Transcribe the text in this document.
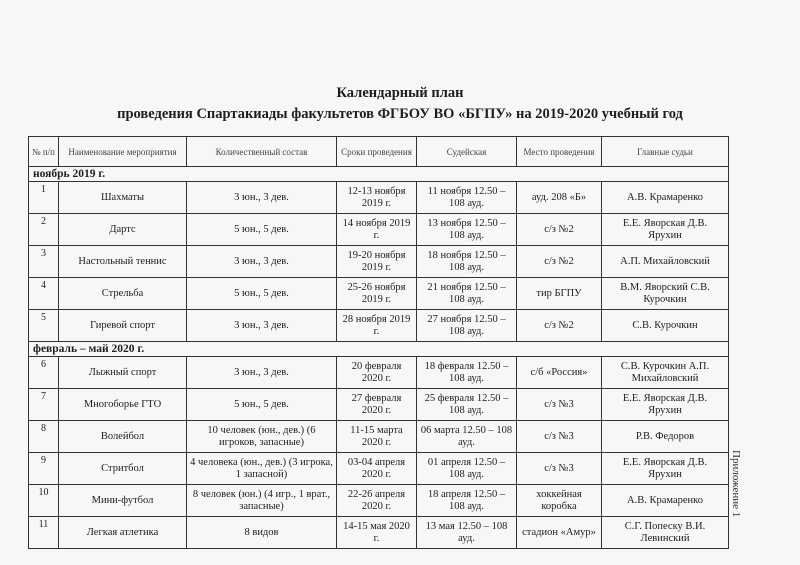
Календарный план
проведения Спартакиады факультетов ФГБОУ ВО «БГПУ» на 2019-2020 учебный год
№ п/п	Наименование мероприятия	Количественный состав	Сроки проведения	Судейская	Место проведения	Главные судьи
ноябрь 2019 г.						
1	Шахматы	3 юн., 3 дев.	12-13 ноября 2019 г.	11 ноября 12.50 – 108 ауд.	ауд. 208 «Б»	А.В. Крамаренко
2	Дартс	5 юн., 5 дев.	14 ноября 2019 г.	13 ноября 12.50 – 108 ауд.	с/з №2	Е.Е. Яворская Д.В. Ярухин
3	Настольный теннис	3 юн., 3 дев.	19-20 ноября 2019 г.	18 ноября 12.50 – 108 ауд.	с/з №2	А.П. Михайловский
4	Стрельба	5 юн., 5 дев.	25-26 ноября 2019 г.	21 ноября 12.50 – 108 ауд.	тир БГПУ	В.М. Яворский С.В. Курочкин
5	Гиревой спорт	3 юн., 3 дев.	28 ноября 2019 г.	27 ноября 12.50 – 108 ауд.	с/з №2	С.В. Курочкин
февраль – май 2020 г.						
6	Лыжный спорт	3 юн., 3 дев.	20 февраля 2020 г.	18 февраля 12.50 – 108 ауд.	с/б «Россия»	С.В. Курочкин А.П. Михайловский
7	Многоборье ГТО	5 юн., 5 дев.	27 февраля 2020 г.	25 февраля 12.50 – 108 ауд.	с/з №3	Е.Е. Яворская Д.В. Ярухин
8	Волейбол	10 человек (юн., дев.) (6 игроков, запасные)	11-15 марта 2020 г.	06 марта 12.50 – 108 ауд.	с/з №3	Р.В. Федоров
9	Стритбол	4 человека (юн., дев.) (3 игрока, 1 запасной)	03-04 апреля 2020 г.	01 апреля 12.50 – 108 ауд.	с/з №3	Е.Е. Яворская Д.В. Ярухин
10	Мини-футбол	8 человек (юн.) (4 игр., 1 врат., запасные)	22-26 апреля 2020 г.	18 апреля 12.50 – 108 ауд.	хоккейная коробка	А.В. Крамаренко
11	Легкая атлетика	8 видов	14-15 мая 2020 г.	13 мая 12.50 – 108 ауд.	стадион «Амур»	С.Г. Попеску В.И. Левинский
Приложение 1
